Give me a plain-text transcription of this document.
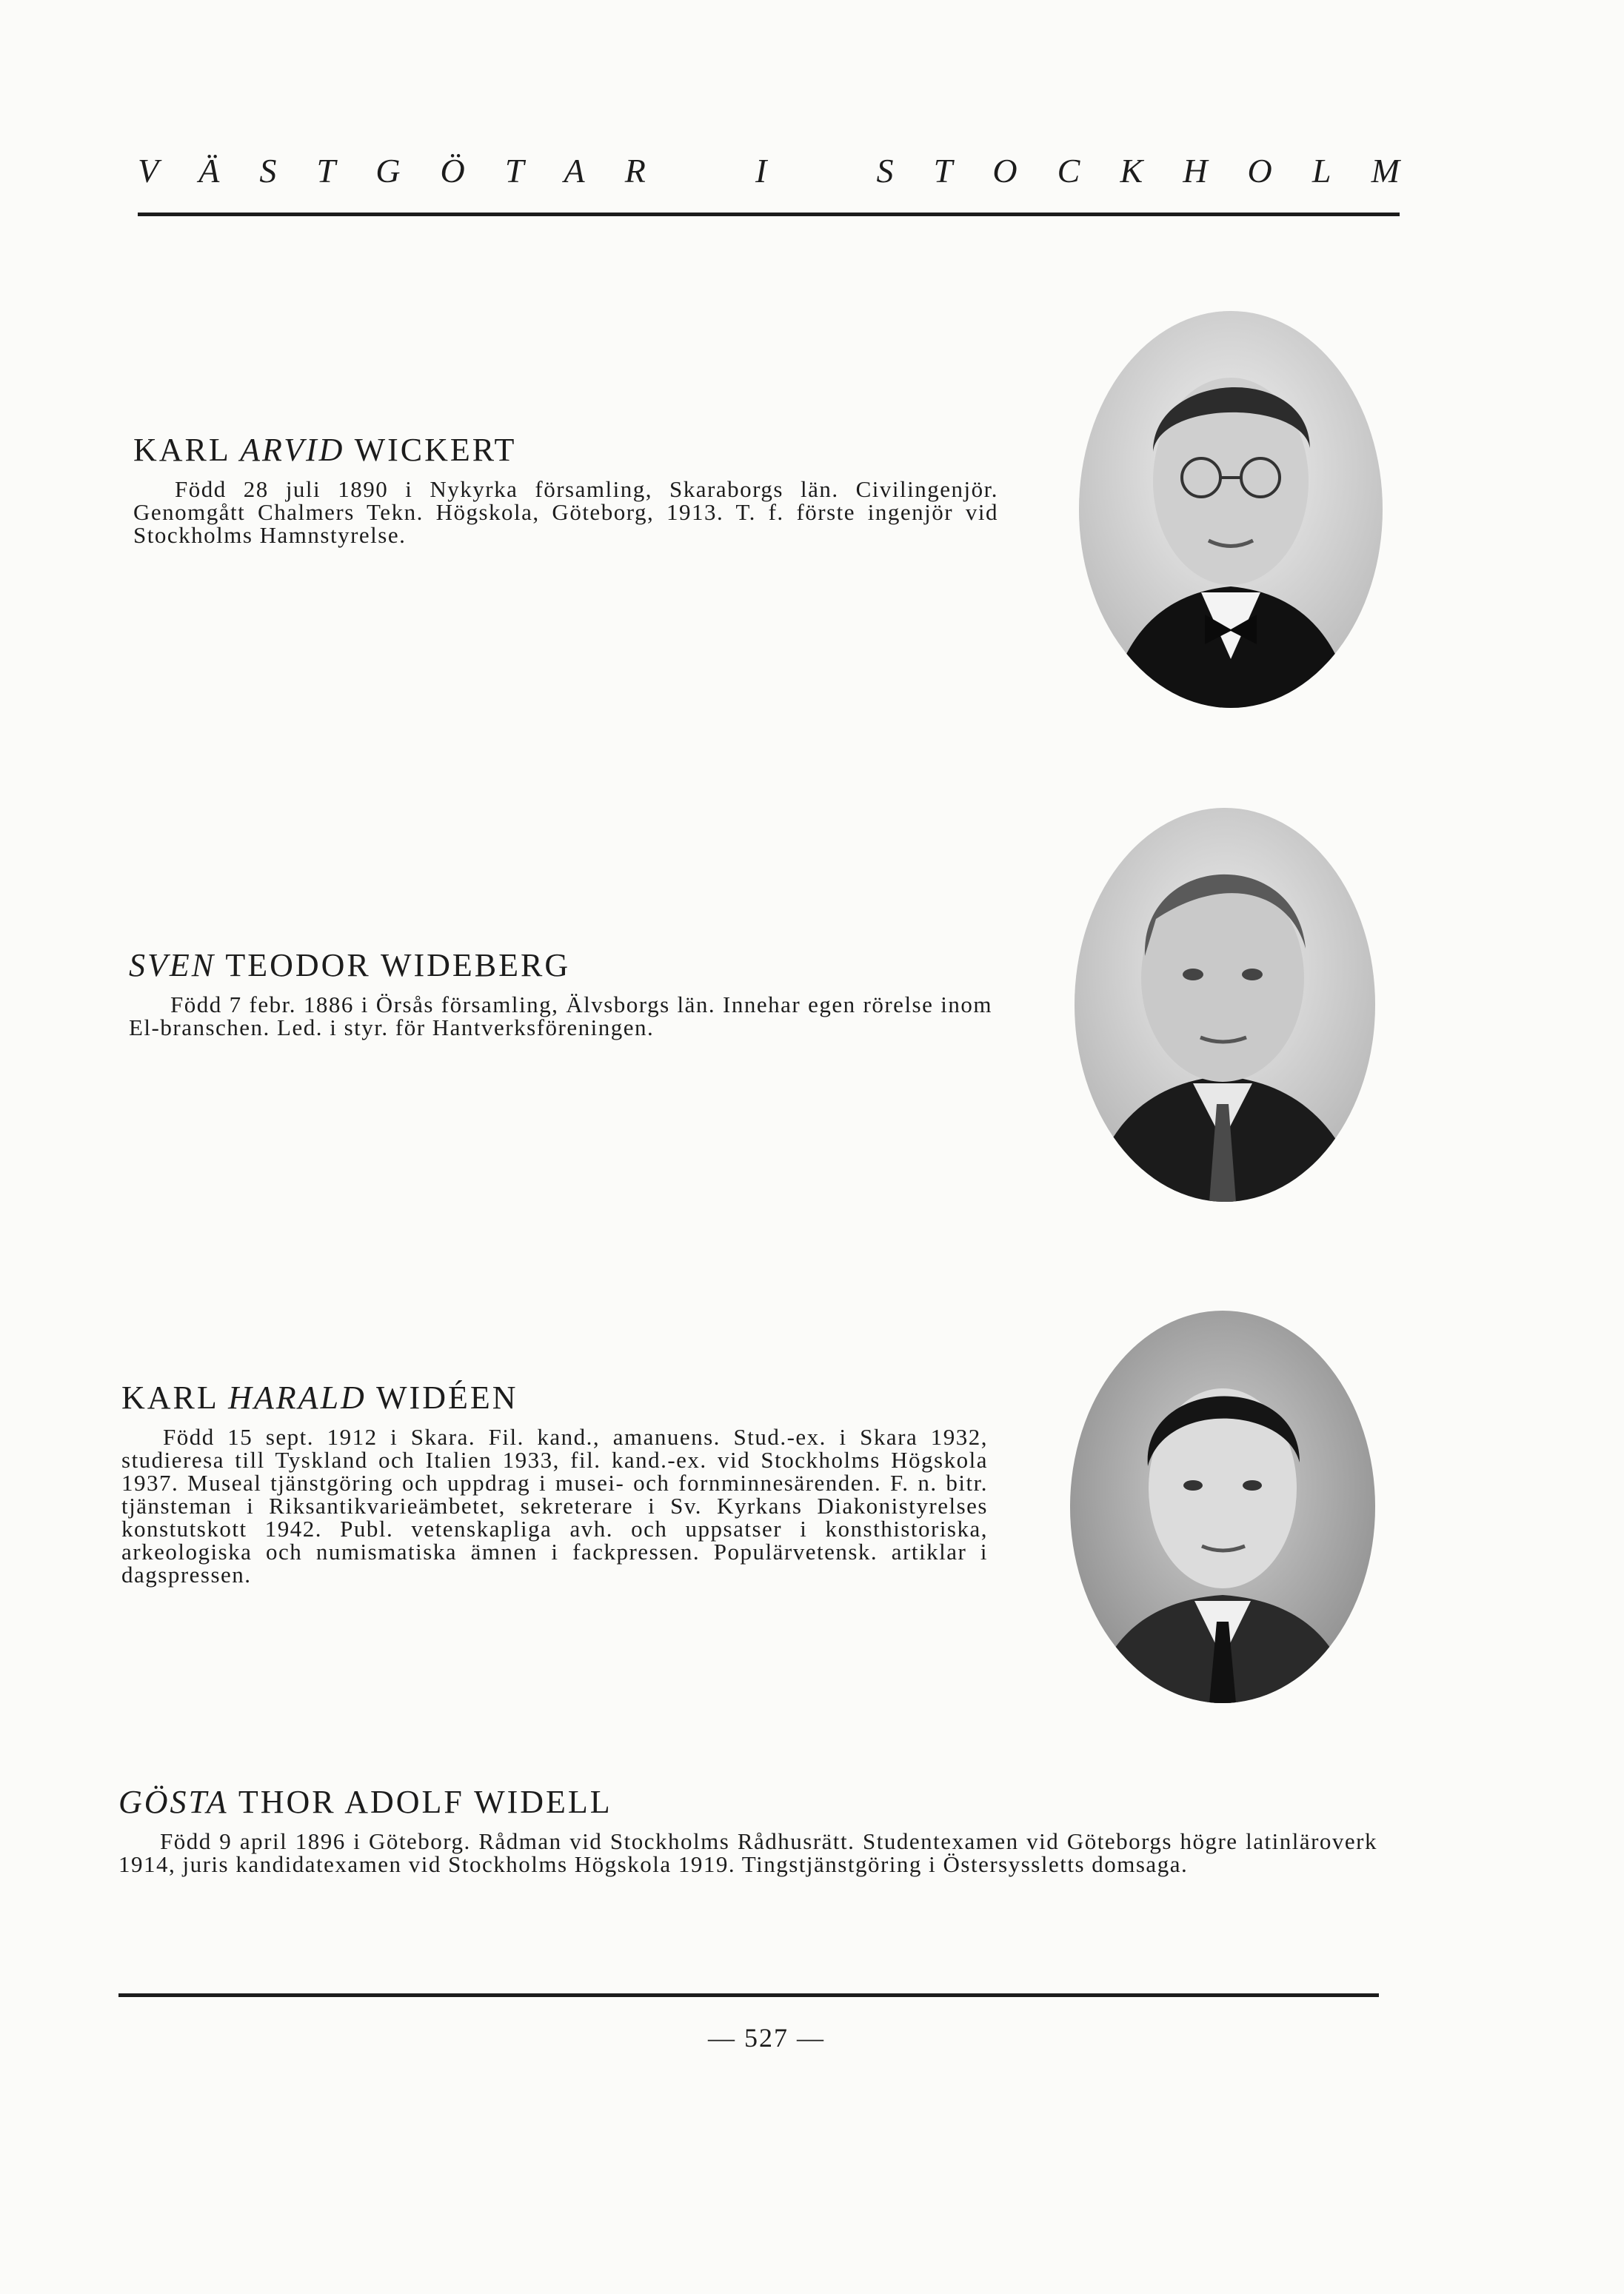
V Ä S T G Ö T A R	I	S T O C K H O L M
KARL ARVID WICKERT

Född 28 juli 1890 i Nykyrka församling, Skaraborgs län. Civilingenjör. Genomgått Chalmers Tekn. Högskola, Göteborg, 1913. T. f. förste ingenjör vid Stockholms Hamnstyrelse.

SVEN TEODOR WIDEBERG

Född 7 febr. 1886 i Örsås församling, Älvsborgs län. Innehar egen rörelse inom El-branschen. Led. i styr. för Hantverksföreningen.

KARL HARALD WIDÉEN

Född 15 sept. 1912 i Skara. Fil. kand., amanuens. Stud.-ex. i Skara 1932, studieresa till Tyskland och Italien 1933, fil. kand.-ex. vid Stockholms Högskola 1937. Museal tjänstgöring och uppdrag i musei- och fornminnesärenden. F. n. bitr. tjänsteman i Riksantikvarieämbetet, sekreterare i Sv. Kyrkans Diakonistyrelses konstutskott 1942. Publ. vetenskapliga avh. och uppsatser i konsthistoriska, arkeologiska och numismatiska ämnen i fackpressen. Populärvetensk. artiklar i dagspressen.

GÖSTA THOR ADOLF WIDELL

Född 9 april 1896 i Göteborg. Rådman vid Stockholms Rådhusrätt. Studentexamen vid Göteborgs högre latinläroverk 1914, juris kandidatexamen vid Stockholms Högskola 1919. Tingstjänstgöring i Östersyssletts domsaga.

— 527 —
